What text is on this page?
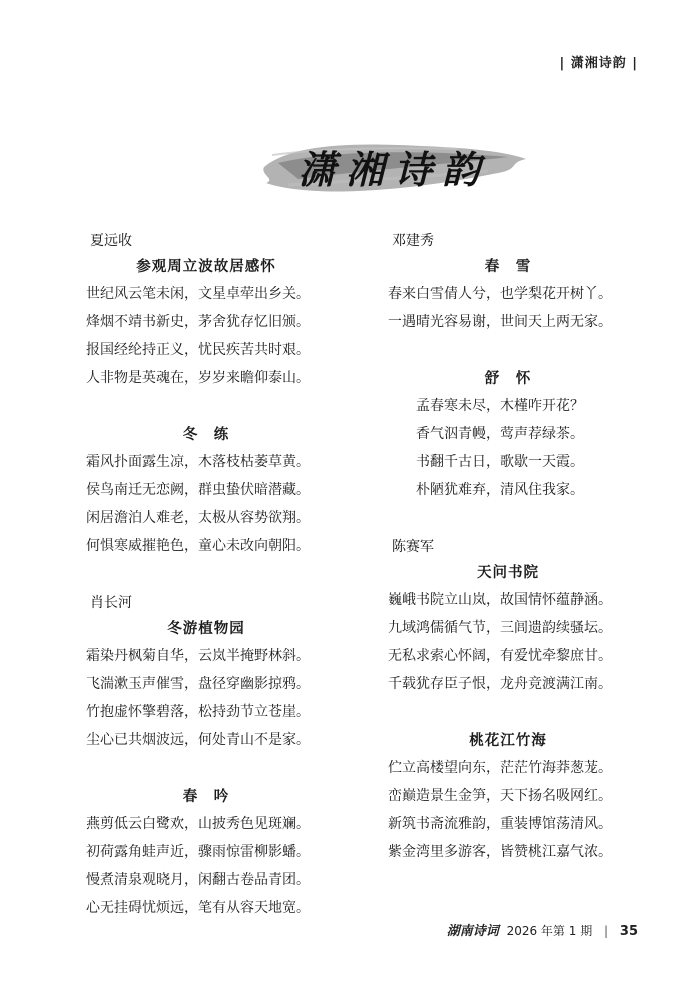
| 潇湘诗韵 |
潇湘诗韵
夏远收
参观周立波故居感怀
世纪风云笔未闲，文星卓荦出乡关。
烽烟不靖书新史，茅舍犹存忆旧颁。
报国经纶持正义，忧民疾苦共时艰。
人非物是英魂在，岁岁来瞻仰泰山。
冬　练
霜风扑面露生凉，木落枝枯萎草黄。
侯鸟南迁无恋阙，群虫蛰伏暗潜藏。
闲居澹泊人难老，太极从容势欲翔。
何惧寒威摧艳色，童心未改向朝阳。
肖长河
冬游植物园
霜染丹枫菊自华，云岚半掩野林斜。
飞湍漱玉声催雪，盘径穿幽影掠鸦。
竹抱虚怀擎碧落，松持劲节立苍崖。
尘心已共烟波远，何处青山不是家。
春　吟
燕剪低云白鹭欢，山披秀色见斑斓。
初荷露角蛙声近，骤雨惊雷柳影蟠。
慢煮清泉观晓月，闲翻古卷品青团。
心无挂碍忧烦远，笔有从容天地宽。
邓建秀
春　雪
春来白雪倩人兮，也学梨花开树丫。
一遇晴光容易谢，世间天上两无家。
舒　怀
孟春寒未尽，木槿咋开花？
香气泅青幔，莺声荐绿茶。
书翻千古日，歌歇一天霞。
朴陋犹难弃，清风住我家。
陈赛军
天问书院
巍峨书院立山岚，故国情怀蕴静涵。
九域鸿儒循气节，三闾遗韵续骚坛。
无私求索心怀阔，有爱忧牵黎庶甘。
千载犹存臣子恨，龙舟竞渡满江南。
桃花江竹海
伫立高楼望向东，茫茫竹海莽葱茏。
峦巅造景生金笋，天下扬名吸网红。
新筑书斋流雅韵，重装博馆荡清风。
紫金湾里多游客，皆赞桃江嘉气浓。
湖南诗词 2026 年第 1 期 | 35
